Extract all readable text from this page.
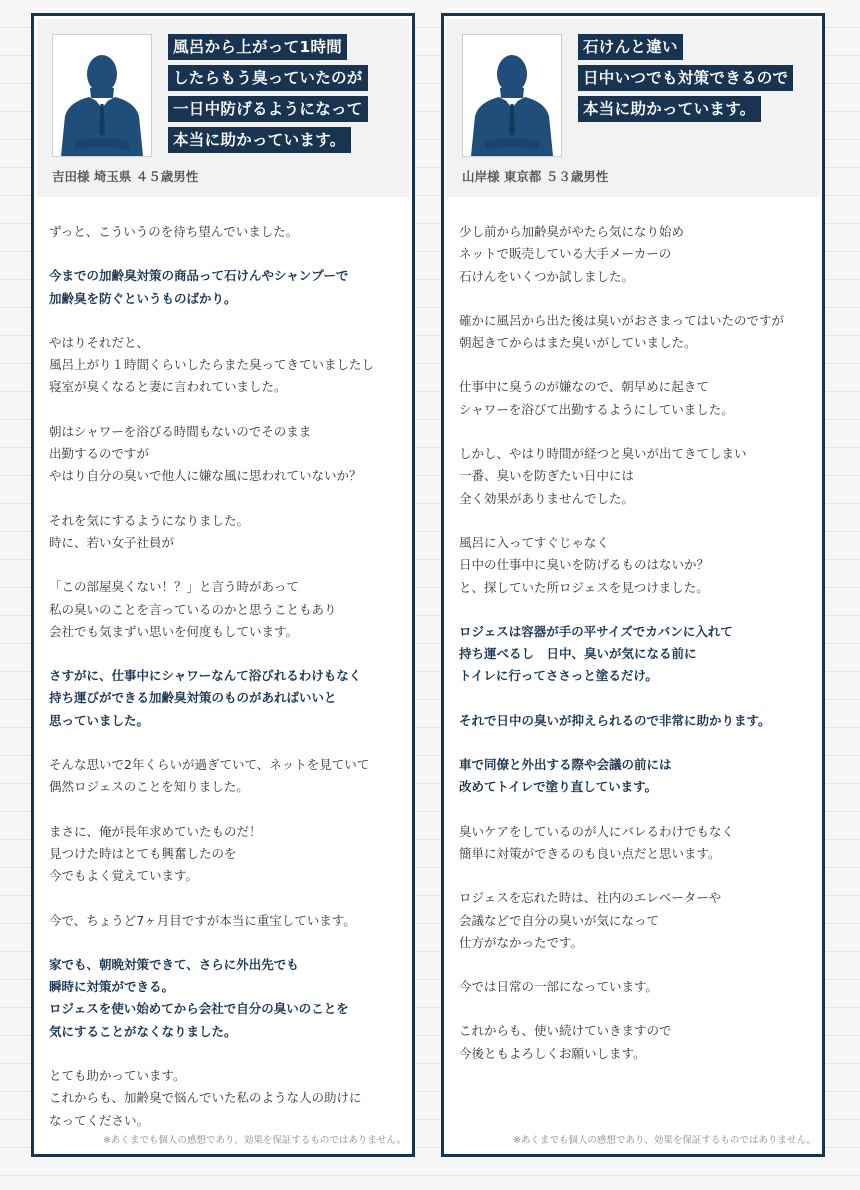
風呂から上がって1時間
したらもう臭っていたのが
一日中防げるようになって
本当に助かっています。
吉田様 埼玉県 ４５歳男性

ずっと、こういうのを待ち望んでいました。

今までの加齢臭対策の商品って石けんやシャンプーで
加齢臭を防ぐというものばかり。

やはりそれだと、
風呂上がり１時間くらいしたらまた臭ってきていましたし
寝室が臭くなると妻に言われていました。

朝はシャワーを浴びる時間もないのでそのまま
出勤するのですが
やはり自分の臭いで他人に嫌な風に思われていないか？

それを気にするようになりました。
時に、若い女子社員が

「この部屋臭くない！？」と言う時があって
私の臭いのことを言っているのかと思うこともあり
会社でも気まずい思いを何度もしています。

さすがに、仕事中にシャワーなんて浴びれるわけもなく
持ち運びができる加齢臭対策のものがあればいいと
思っていました。

そんな思いで2年くらいが過ぎていて、ネットを見ていて
偶然ロジェスのことを知りました。

まさに、俺が長年求めていたものだ！
見つけた時はとても興奮したのを
今でもよく覚えています。

今で、ちょうど7ヶ月目ですが本当に重宝しています。

家でも、朝晩対策できて、さらに外出先でも
瞬時に対策ができる。
ロジェスを使い始めてから会社で自分の臭いのことを
気にすることがなくなりました。

とても助かっています。
これからも、加齢臭で悩んでいた私のような人の助けに
なってください。

※あくまでも個人の感想であり、効果を保証するものではありません。
石けんと違い
日中いつでも対策できるので
本当に助かっています。
山岸様 東京都 ５３歳男性

少し前から加齢臭がやたら気になり始め
ネットで販売している大手メーカーの
石けんをいくつか試しました。

確かに風呂から出た後は臭いがおさまってはいたのですが
朝起きてからはまた臭いがしていました。

仕事中に臭うのが嫌なので、朝早めに起きて
シャワーを浴びて出勤するようにしていました。

しかし、やはり時間が経つと臭いが出てきてしまい
一番、臭いを防ぎたい日中には
全く効果がありませんでした。

風呂に入ってすぐじゃなく
日中の仕事中に臭いを防げるものはないか？
と、探していた所ロジェスを見つけました。

ロジェスは容器が手の平サイズでカバンに入れて
持ち運べるし　日中、臭いが気になる前に
トイレに行ってささっと塗るだけ。

それで日中の臭いが抑えられるので非常に助かります。

車で同僚と外出する際や会議の前には
改めてトイレで塗り直しています。

臭いケアをしているのが人にバレるわけでもなく
簡単に対策ができるのも良い点だと思います。

ロジェスを忘れた時は、社内のエレベーターや
会議などで自分の臭いが気になって
仕方がなかったです。

今では日常の一部になっています。

これからも、使い続けていきますので
今後ともよろしくお願いします。

※あくまでも個人の感想であり、効果を保証するものではありません。
